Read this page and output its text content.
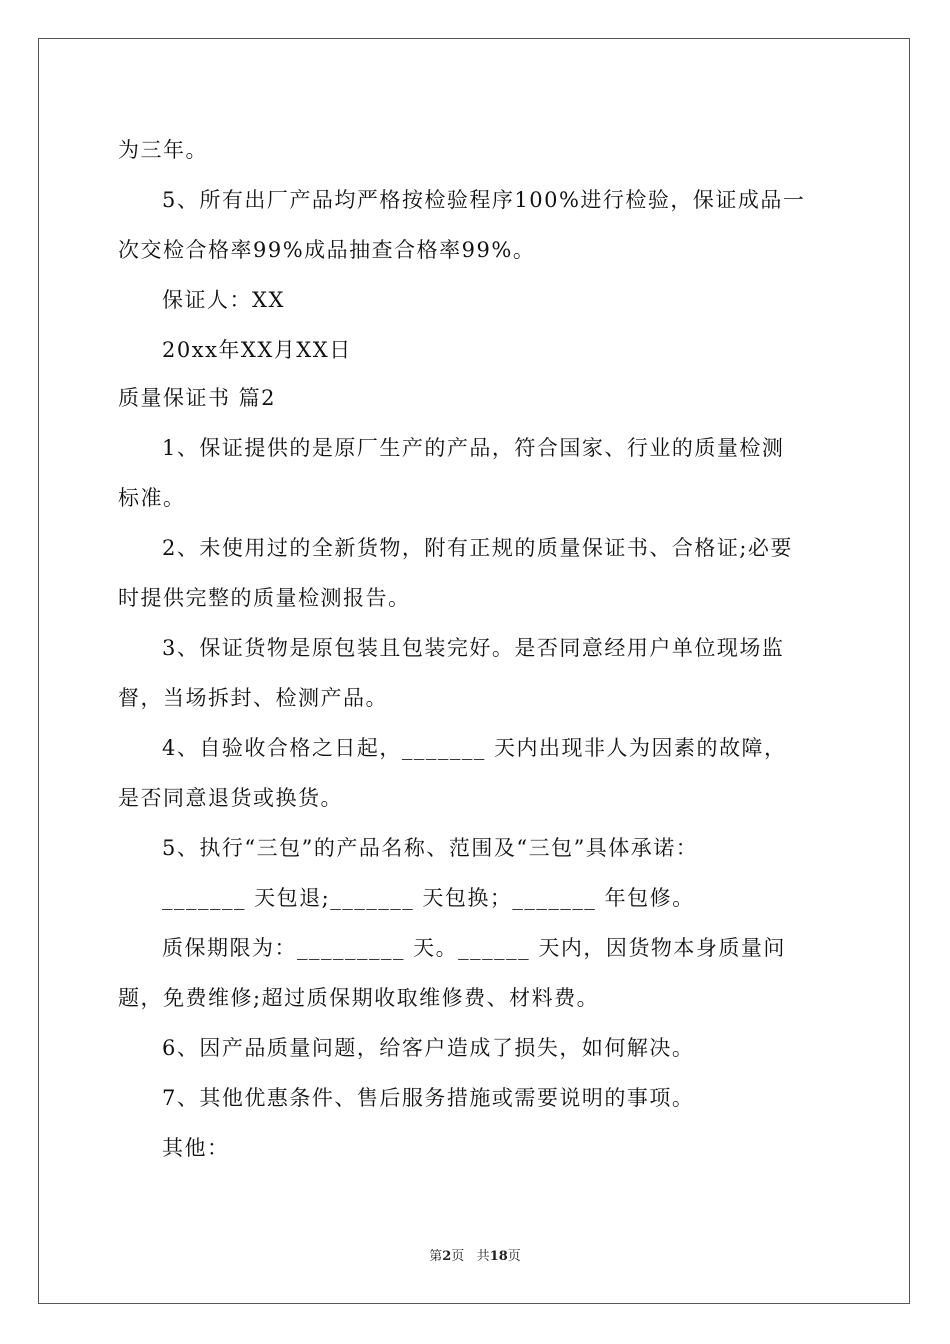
为三年。
5、所有出厂产品均严格按检验程序100%进行检验，保证成品一
次交检合格率99%成品抽查合格率99%。
保证人：XX
20xx年XX月XX日
质量保证书 篇2
1、保证提供的是原厂生产的产品，符合国家、行业的质量检测
标准。
2、未使用过的全新货物，附有正规的质量保证书、合格证;必要
时提供完整的质量检测报告。
3、保证货物是原包装且包装完好。是否同意经用户单位现场监
督，当场拆封、检测产品。
4、自验收合格之日起，_______ 天内出现非人为因素的故障，
是否同意退货或换货。
5、执行“三包”的产品名称、范围及“三包”具体承诺：
_______ 天包退;_______ 天包换；_______ 年包修。
质保期限为：_________ 天。______ 天内，因货物本身质量问
题，免费维修;超过质保期收取维修费、材料费。
6、因产品质量问题，给客户造成了损失，如何解决。
7、其他优惠条件、售后服务措施或需要说明的事项。
其他：
第2页 共18页
